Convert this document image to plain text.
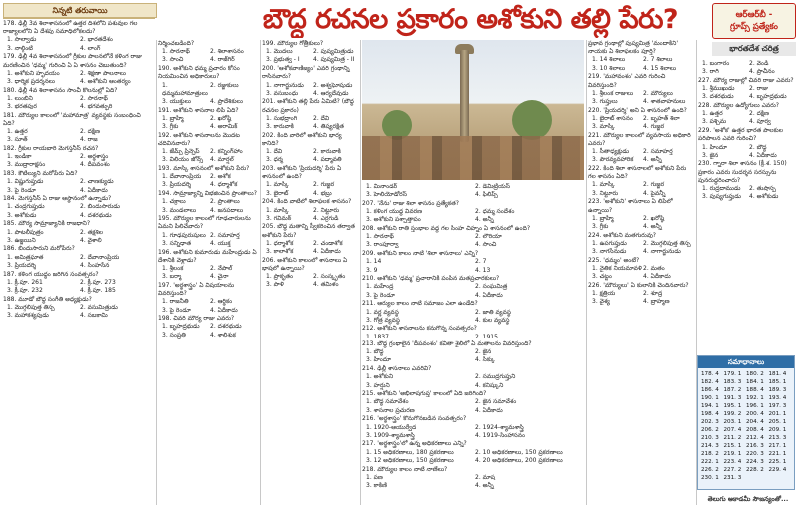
నిన్నటి తరువాయి	బౌద్ధ రచనల ప్రకారం అశోకుని తల్లి పేరు?	ఆర్ఆర్‌బీ -
గ్రూప్స్ ప్రత్యేకం
భారతదేశ చరిత్ర
178. ఢిల్లీ 3వ శిలాశాసనంలో ఉత్తర దిశలోని పశువుల గల రాజ్యాలలోని ఏ దేశపు సమాధిలోకలదు?
1. సాల్వాడు	2. భారతదేశం
3. నాల్గింటి	4. లాంగ్
179. ఢిల్లీ 4వ శిలాశాసనంలో గ్రీకుల పాలనలోనే కళింగ రాజు మరణించిన 'ధమ్మ' గురించి ఏ ఏ శాసనం చెబుతుంది?
1. అశోకుని హృదయం	2. శిక్షణా పాలనాలు
3. ధార్మిక ప్రదర్శనలు	4. అశోకుని ఆంతర్యం
180. ఢిల్లీ 4వ శిలాశాసనం సాంచీ కొలనుల్లో ఏది?
1. లుంబిని	2. సారనాథ్
3. భరతపుర	4. భగవత్ఫురి
181. మౌర్యుల కాలంలో 'మహామాత్ర' వ్యవస్థకు సంబంధించి ఏది?
1. ఉత్తర	2. దక్షిణ
3. సూత్	4. రాజ
182. గ్రీకుల రాయబారి మెగస్తనీస్ రచన?
1. ఇండికా	2. అర్థశాస్త్రం
3. ముద్రారాక్షసం	4. దీపవంశం
183. కౌటిల్యుని మరోపేరు ఏది?
1. విష్ణుగుప్తుడు	2. చాణక్యుడు
3. పై రెండూ	4. ఏదీకాదు
184. మెగస్తనీస్ ఏ రాజు ఆస్థానంలో ఉన్నాడు?
1. చంద్రగుప్తుడు	2. బిందుసారుడు
3. అశోకుడు	4. దశరథుడు
185. మౌర్య సామ్రాజ్యానికి రాజధాని?
1. పాటలీపుత్రం	2. తక్షశిల
3. ఉజ్జయిని	4. వైశాలి
186. బిందుసారుని మరోపేరు?
1. అమిత్రఘాత	2. దేవానాంప్రియ
3. ప్రియదర్శి	4. సింహసేన
187. కళింగ యుద్ధం జరిగిన సంవత్సరం?
1. క్రీ.పూ. 261	2. క్రీ.పూ. 273
3. క్రీ.పూ. 232	4. క్రీ.పూ. 185
188. మూడో బౌద్ధ సంగీతి అధ్యక్షుడు?
1. మొగ్గలిపుత్త తిస్స	2. వసుమిత్రుడు
3. మహాకశ్యపుడు	4. సబకామి
నిర్మించబడింది?
1. సారనాథ్	2. శిలాశాసనం
3. సాంచి	4. రాజ్‌గిర్
190. అశోకుని ధమ్మ ప్రచారం కోసం నియమించిన అధికారులు?
1. ధమ్మమహామాత్రులు
2. రజ్జుకులు
3. యుక్తులు	4. ప్రాదేశికులు
191. అశోకుని శాసనాల లిపి ఏది?
1. బ్రాహ్మి	2. ఖరోష్ఠి
3. గ్రీకు	4. అరామిక్
192. అశోకుని శాసనాలను మొదట చదివినవారు?
1. జేమ్స్ ప్రిన్సెప్	2. కన్నింగ్‌హాం
3. విలియం జోన్స్	4. మార్షల్
193. మాస్కి శాసనంలో అశోకుని పేరు?
1. దేవానాంప్రియ	2. అశోక
3. ప్రియదర్శి	4. ధర్మాశోక
194. సామ్రాజ్యాన్ని విభజించిన ప్రాంతాలు?
1. చక్రాలు	2. ప్రాంతాలు
3. మండలాలు	4. జనపదాలు
195. మౌర్యుల కాలంలో గూఢచారులను ఏమని పిలిచేవారు?
1. గూఢపురుషులు 2. సమాహర్త
3. సన్నిధాత	4. యుక్త
196. అశోకుని కుమారుడు మహేంద్రుడు ఏ దేశానికి వెళ్లాడు?
1. శ్రీలంక	2. నేపాల్
3. బర్మా	4. చైనా
197. 'అర్థశాస్త్రం' ఏ విషయాలను వివరిస్తుంది?
1. రాజనీతి	2. ఆర్థికం
3. పై రెండూ	4. ఏదీకాదు
198. చివరి మౌర్య రాజు ఎవరు?
1. బృహద్రథుడు	2. దశరథుడు
3. సంప్రతి	4. శాలిశుక
199. మౌర్యుల గోత్రీకులు?
1. మొదలు	2. పుష్యమిత్రుడు
3. ప్రభుత్వ - I	4. పుష్యమిత్ర - II
200. 'ఆశోకవాణిజ్యం' ఎవరి గ్రంథాన్ని రాసినవారు?
1. నాగార్జునుడు	2. అశ్వఘోషుడు
3. వసుబంధు	4. ఆర్యదేవుడు
201. అశోకుని తల్లి పేరు ఏమిటి? (బౌద్ధ రచనల ప్రకారం)
1. సుభద్రాంగి	2. దేవి
3. కారువాకి	4. తిష్యరక్షిత
202. కింది వారిలో అశోకుని భార్య కానిది?
1. దేవి	2. కారువాకి
3. ధర్మ	4. పద్మావతి
203. అశోకుని 'ప్రియదర్శి' పేరు ఏ శాసనంలో ఉంది?
1. మాస్కి	2. గుజ్జర
3. బైరాట్	4. భబ్రు
204. కింది వాటిలో శిలాఫలక శాసనం?
1. మాస్కి	2. నిట్టూరు
3. గవిమఠ్	4. ఎర్రగుడి
205. బౌద్ధ మతాన్ని స్వీకరించిన తర్వాత అశోకుని పేరు?
1. ధర్మాశోక	2. చండాశోక
3. కాలాశోక	4. ఏదీకాదు
206. అశోకుని కాలంలో శాసనాలు ఏ భాషలో ఉన్నాయి?
1. ప్రాకృతం	2. సంస్కృతం
3. పాళి	4. తమిళం
1. మినాండర్	2. డెమిట్రియస్
3. హెలియోడోరస్	4. ఫిలిప్స్
207. 'నేను' రాజు శిలా శాసనం ప్రత్యేకత?
1. కళింగ యుద్ధ వివరణ	2. ధమ్మ సందేశం
3. అశోకుని పశ్చాత్తాపం	4. అన్నీ
208. అశోకుని రాతి స్తంభాల వద్ద గల సింహ చిహ్నం ఏ శాసనంలో ఉంది?
1. సారనాథ్	2. లౌరియా
3. రాంపూర్వా	4. సాంచి
209. అశోకుని కాలం నాటి 'శిలా శాసనాలు' ఎన్ని?
1. 14	2. 7
3. 9	4. 13
210. అశోకుని 'ధమ్మ' ప్రచారానికి పంపిన మతప్రచారకులు?
1. మహేంద్ర	2. సంఘమిత్ర
3. పై రెండూ	4. ఏదీకాదు
211. ఆర్యుల కాలం నాటి సమాజం ఎలా ఉండేది?
1. వర్ణ వ్యవస్థ	2. జాతి వ్యవస్థ
3. గోత్ర వ్యవస్థ	4. కుల వ్యవస్థ
212. అశోకుని శాసనాలను కనుగొన్న సంవత్సరం?
1. 1837	2. 1915
213. బౌద్ధ గ్రంథాలైన 'దీపవంశం' కవితా శైలిలో ఏ మతాలను వివరిస్తుంది?
1. బౌద్ధ	2. జైన
3. హిందూ	4. సిక్కు
214. ఢిల్లీ శాసనాలు ఎవరివి?
1. అశోకుని	2. సముద్రగుప్తుని
3. హర్షుని	4. కనిష్కుని
215. అశోకుని 'అభిలాషగుప్త' కాలంలో ఏది జరిగింది?
1. బౌద్ధ సమావేశం	2. జైన సమావేశం
3. శాసనాల ప్రచురణ	4. ఏదీకాదు
216. 'అర్థశాస్త్రం' కొనుగొనబడిన సంవత్సరం?
1. 1920-ఆయుర్వేద	2. 1924-శ్యామశాస్త్రి
3. 1909-శ్యామశాస్త్రి	4. 1919-సింహాసనం
217. 'అర్థశాస్త్రం'లో ఉన్న అధికరణాలు ఎన్ని?
1. 15 అధికరణాలు, 180 ప్రకరణాలు	2. 10 అధికరణాలు, 150 ప్రకరణాలు
3. 12 అధికరణాలు, 150 ప్రకరణాలు	4. 20 అధికరణాలు, 200 ప్రకరణాలు
218. మౌర్యుల కాలం నాటి నాణేలు?
1. పణ	2. మాష
3. కాకిణి	4. అన్నీ
ప్రభావ గ్రంథాల్లో పుష్యమిత్ర 'మందాకిని' నాయకు ఏ శిలాఫలకం పూర్తి?
1. 14 శిలాలు	2. 7 శిలాలు
3. 10 శిలాలు	4. 15 శిలాలు
219. 'మహావంశం' ఎవరి గురించి వివరిస్తుంది?
1. శ్రీలంక రాజులు	2. మౌర్యులు
3. గుప్తులు	4. శాతవాహనులు
220. 'ప్రియదర్శి' అని ఏ శాసనంలో ఉంది?
1. బైరాట్ శాసనం	2. బృహత్ శిలా
3. మాస్కి	4. గుజ్జర
221. మౌర్యుల కాలంలో వ్యవసాయ అధికారి ఎవరు?
1. సీతాధ్యక్షుడు	2. సమాహర్త
3. పౌరవ్యవహారిక	4. అన్నీ
222. కింది శిలా శాసనాలలో అశోకుని పేరు గల శాసనం ఏది?
1. మాస్కి	2. గుజ్జర
3. నిట్టూరు	4. పైవన్నీ
223. 'అశోకుని' శాసనాలు ఏ లిపిలో ఉన్నాయి?
1. బ్రాహ్మి	2. ఖరోష్ఠి
3. గ్రీకు	4. అన్నీ
224. అశోకుని మతగురువు?
1. ఉపగుప్తుడు	2. మొగ్గలిపుత్త తిస్స
3. నాగసేనుడు	4. నాగార్జునుడు
225. 'ధమ్మం' అంటే?
1. నైతిక నియమావళి 2. మతం
3. చట్టం	4. ఏదీకాదు
226. 'మౌర్యులు' ఏ కులానికి చెందినవారు?
1. క్షత్రియ	2. శూద్ర
3. వైశ్య	4. బ్రాహ్మణ
1. బంగారం	2. వెండి
3. రాగి	4. ప్రాచీనం
227. మౌర్య రాజుల్లో చివరి రాజు ఎవరు?
1. శ్రీముఖుడు	2. రాజు
3. దశరథుడు	4. బృహద్రథుడు
228. మౌర్యుల ఉద్యోగులు ఎవరు?
1. ఉత్తర	2. దక్షిణ
3. పశ్చిమ	4. పూర్వ
229. 'అశోక' ఉత్తర భారత పాలకుల పరిపాలన ఎవరి గురించి?
1. హిందూ	2. బౌద్ధ
3. జైన	4. ఏదీకాదు
230. గ్నారా శిలా శాసనం (క్రీ.శ. 150) ప్రకారం ఎవరు సుదర్శన సరస్సును పునరుద్ధరించారు?
1. రుద్రదాముడు	2. తుషాస్ప
3. పుష్యగుప్తుడు	4. అశోకుడు
సమాధానాలు
178. 4 179. 1 180. 2 181. 4
182. 4 183. 3 184. 1 185. 1
186. 4 187. 2 188. 4 189. 3
190. 1 191. 3 192. 1 193. 4
194. 1 195. 1 196. 1 197. 3
198. 4 199. 2 200. 4 201. 1
202. 3 203. 1 204. 4 205. 1
206. 2 207. 4 208. 4 209. 1
210. 3 211. 2 212. 4 213. 3
214. 3 215. 1 216. 3 217. 1
218. 2 219. 1 220. 3 221. 1
222. 1 223. 4 224. 3 225. 1
226. 2 227. 2 228. 2 229. 4
230. 1 231. 3
తెలుగు అకాడమీ సౌజన్యంతో...
